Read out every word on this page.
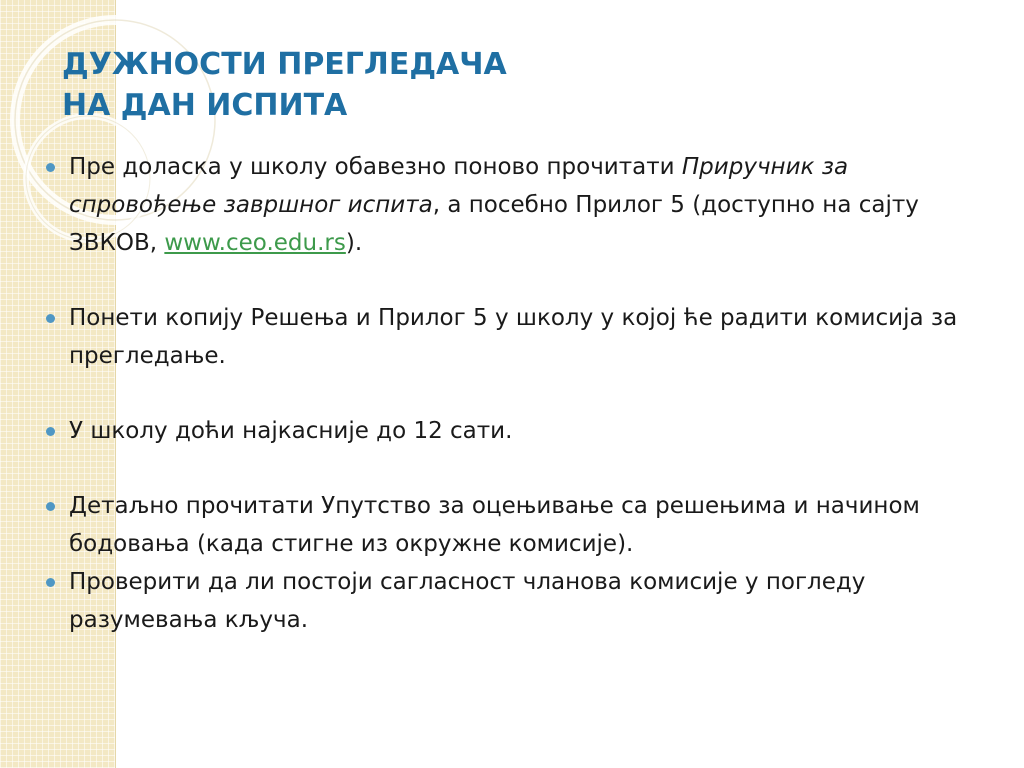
ДУЖНОСТИ ПРЕГЛЕДАЧА
НА ДАН ИСПИТА
Пре доласка у школу обавезно поново прочитати Приручник за спровођење завршног испита, а посебно Прилог 5 (доступно на сајту ЗВКОВ, www.ceo.edu.rs).
Понети копију Решења и Прилог 5 у школу у којој ће радити комисија за прегледање.
У школу доћи најкасније до 12 сати.
Детаљно прочитати Упутство за оцењивање са решењима и начином бодовања (када стигне из окружне комисије).
Проверити да ли постоји сагласност чланова комисије у погледу разумевања кључа.
